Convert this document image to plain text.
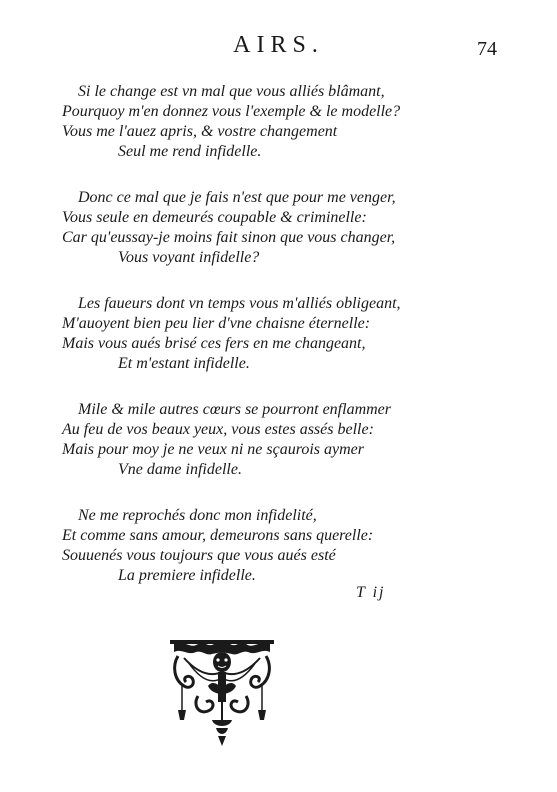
AIRS.	74
Si le change est vn mal que vous alliés blâmant,
Pourquoy m'en donnez vous l'exemple & le modelle?
Vous me l'auez apris, & vostre changement
Seul me rend infidelle.
Donc ce mal que je fais n'est que pour me venger,
Vous seule en demeurés coupable & criminelle:
Car qu'eussay-je moins fait sinon que vous changer,
Vous voyant infidelle?
Les faueurs dont vn temps vous m'alliés obligeant,
M'auoyent bien peu lier d'vne chaisne éternelle:
Mais vous aués brisé ces fers en me changeant,
Et m'estant infidelle.
Mile & mile autres cœurs se pourront enflammer
Au feu de vos beaux yeux, vous estes assés belle:
Mais pour moy je ne veux ni ne sçaurois aymer
Vne dame infidelle.
Ne me reprochés donc mon infidelité,
Et comme sans amour, demeurons sans querelle:
Souuenés vous toujours que vous aués esté
La premiere infidelle.
T ij
